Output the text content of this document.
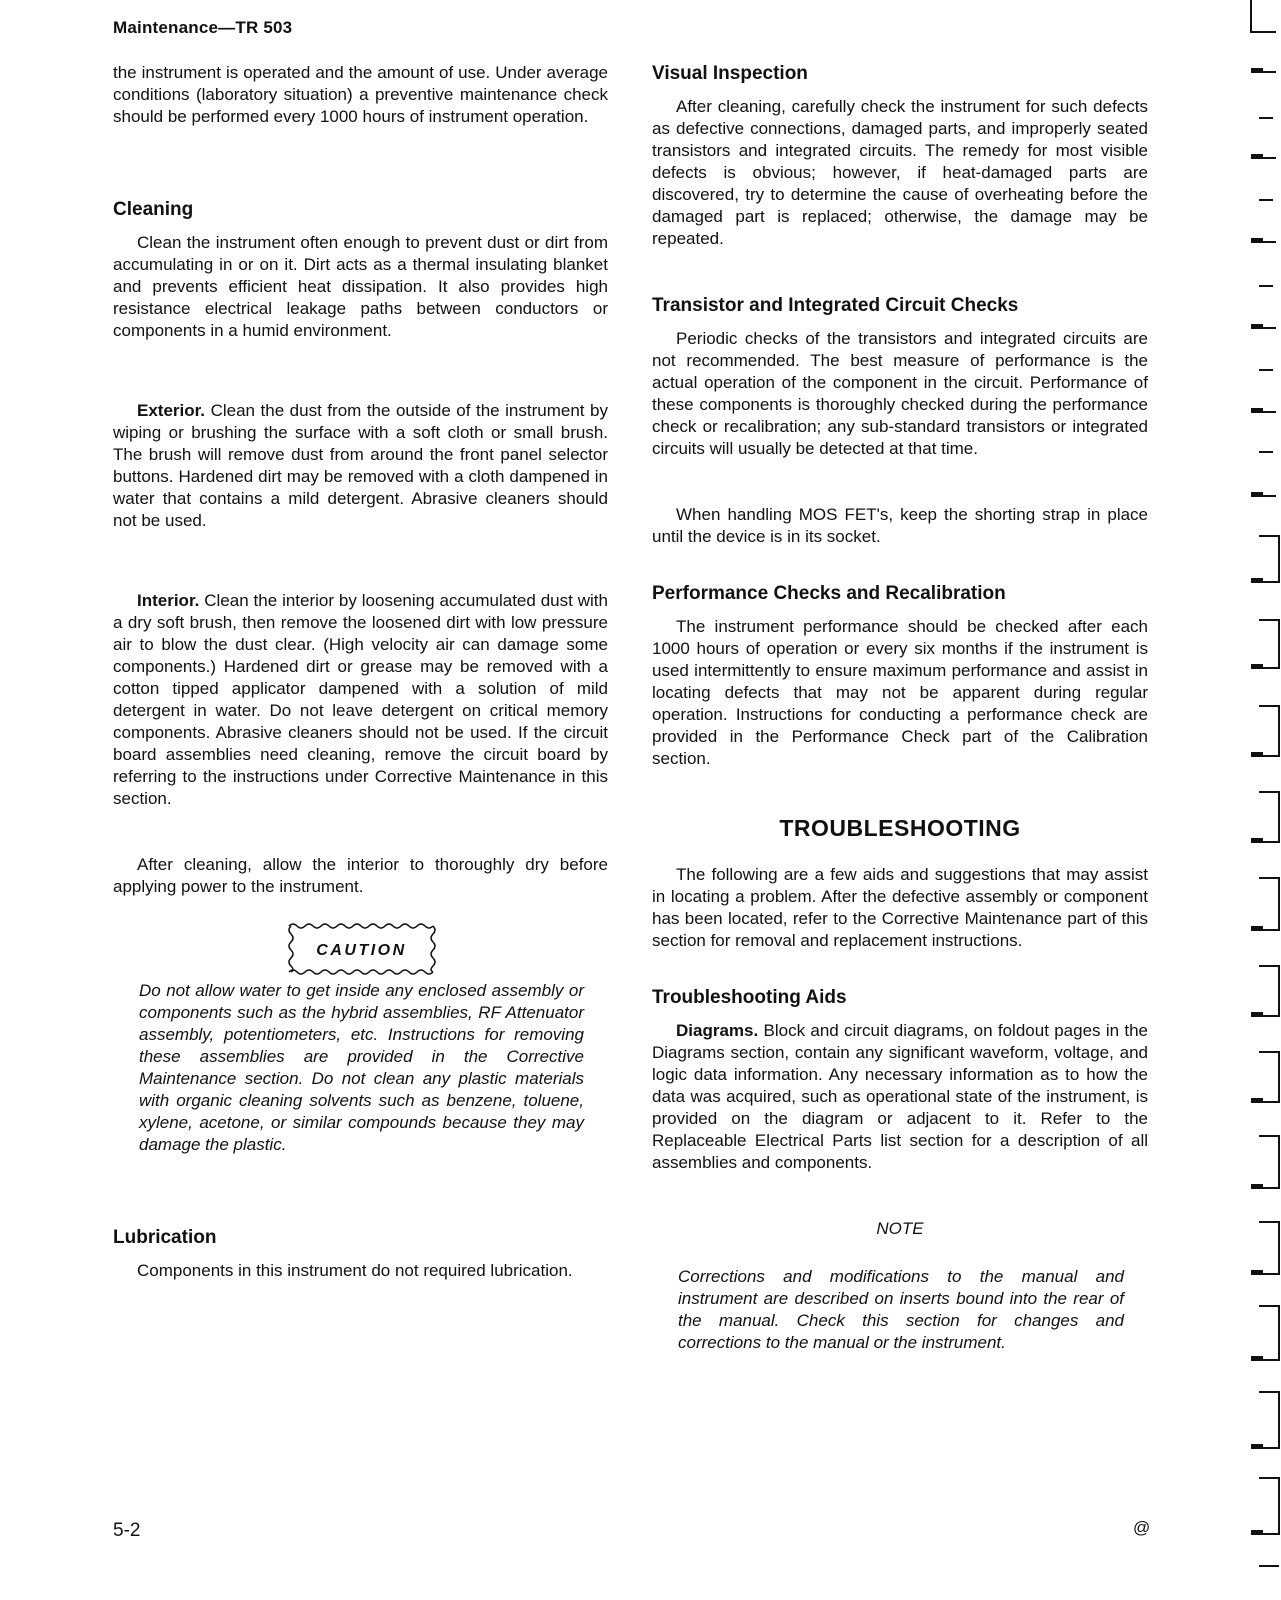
Maintenance—TR 503

the instrument is operated and the amount of use. Under average conditions (laboratory situation) a preventive maintenance check should be performed every 1000 hours of instrument operation.

Cleaning

Clean the instrument often enough to prevent dust or dirt from accumulating in or on it. Dirt acts as a thermal insulating blanket and prevents efficient heat dissipation. It also provides high resistance electrical leakage paths between conductors or components in a humid environment.

Exterior. Clean the dust from the outside of the instrument by wiping or brushing the surface with a soft cloth or small brush. The brush will remove dust from around the front panel selector buttons. Hardened dirt may be removed with a cloth dampened in water that contains a mild detergent. Abrasive cleaners should not be used.

Interior. Clean the interior by loosening accumulated dust with a dry soft brush, then remove the loosened dirt with low pressure air to blow the dust clear. (High velocity air can damage some components.) Hardened dirt or grease may be removed with a cotton tipped applicator dampened with a solution of mild detergent in water. Do not leave detergent on critical memory components. Abrasive cleaners should not be used. If the circuit board assemblies need cleaning, remove the circuit board by referring to the instructions under Corrective Maintenance in this section.

After cleaning, allow the interior to thoroughly dry before applying power to the instrument.

CAUTION

Do not allow water to get inside any enclosed assembly or components such as the hybrid assemblies, RF Attenuator assembly, potentiometers, etc. Instructions for removing these assemblies are provided in the Corrective Maintenance section. Do not clean any plastic materials with organic cleaning solvents such as benzene, toluene, xylene, acetone, or similar compounds because they may damage the plastic.

Lubrication

Components in this instrument do not required lubrication.

Visual Inspection

After cleaning, carefully check the instrument for such defects as defective connections, damaged parts, and improperly seated transistors and integrated circuits. The remedy for most visible defects is obvious; however, if heat-damaged parts are discovered, try to determine the cause of overheating before the damaged part is replaced; otherwise, the damage may be repeated.

Transistor and Integrated Circuit Checks

Periodic checks of the transistors and integrated circuits are not recommended. The best measure of performance is the actual operation of the component in the circuit. Performance of these components is thoroughly checked during the performance check or recalibration; any sub-standard transistors or integrated circuits will usually be detected at that time.

When handling MOS FET's, keep the shorting strap in place until the device is in its socket.

Performance Checks and Recalibration

The instrument performance should be checked after each 1000 hours of operation or every six months if the instrument is used intermittently to ensure maximum performance and assist in locating defects that may not be apparent during regular operation. Instructions for conducting a performance check are provided in the Performance Check part of the Calibration section.

TROUBLESHOOTING

The following are a few aids and suggestions that may assist in locating a problem. After the defective assembly or component has been located, refer to the Corrective Maintenance part of this section for removal and replacement instructions.

Troubleshooting Aids

Diagrams. Block and circuit diagrams, on foldout pages in the Diagrams section, contain any significant waveform, voltage, and logic data information. Any necessary information as to how the data was acquired, such as operational state of the instrument, is provided on the diagram or adjacent to it. Refer to the Replaceable Electrical Parts list section for a description of all assemblies and components.

NOTE

Corrections and modifications to the manual and instrument are described on inserts bound into the rear of the manual. Check this section for changes and corrections to the manual or the instrument.

5-2	@
